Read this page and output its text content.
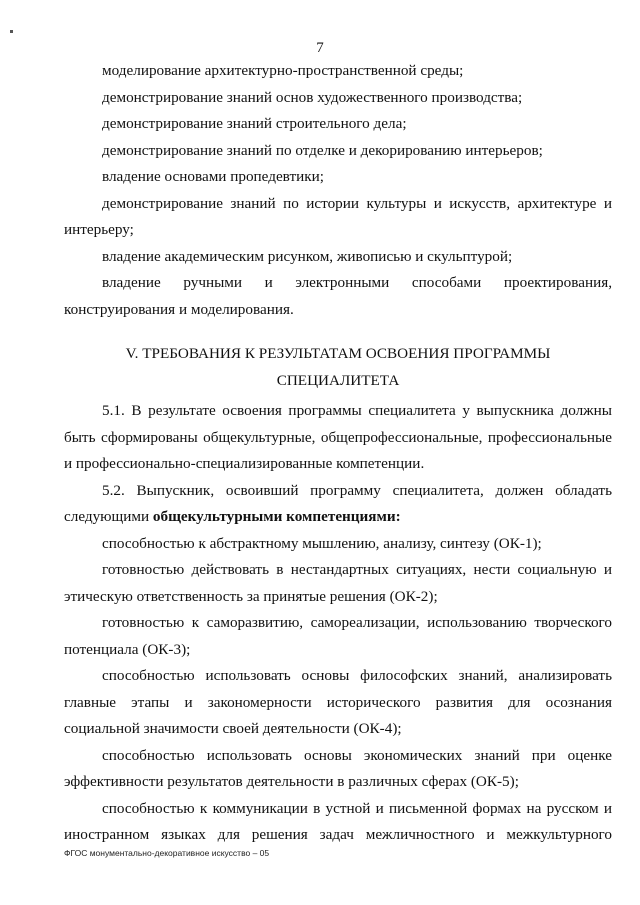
7

моделирование архитектурно-пространственной среды;

демонстрирование знаний основ художественного производства;

демонстрирование знаний строительного дела;

демонстрирование знаний по отделке и декорированию интерьеров;

владение основами пропедевтики;

демонстрирование знаний по истории культуры и искусств, архитектуре и интерьеру;

владение академическим рисунком, живописью и скульптурой;

владение ручными и электронными способами проектирования, конструирования и моделирования.

V. ТРЕБОВАНИЯ К РЕЗУЛЬТАТАМ ОСВОЕНИЯ ПРОГРАММЫ
СПЕЦИАЛИТЕТА

5.1. В результате освоения программы специалитета у выпускника должны быть сформированы общекультурные, общепрофессиональные, профессиональные и профессионально-специализированные компетенции.

5.2. Выпускник, освоивший программу специалитета, должен обладать следующими общекультурными компетенциями:

способностью к абстрактному мышлению, анализу, синтезу (ОК-1);

готовностью действовать в нестандартных ситуациях, нести социальную и этическую ответственность за принятые решения (ОК-2);

готовностью к саморазвитию, самореализации, использованию творческого потенциала (ОК-3);

способностью использовать основы философских знаний, анализировать главные этапы и закономерности исторического развития для осознания социальной значимости своей деятельности (ОК-4);

способностью использовать основы экономических знаний при оценке эффективности результатов деятельности в различных сферах (ОК-5);

способностью к коммуникации в устной и письменной формах на русском и иностранном языках для решения задач межличностного и межкультурного

ФГОС монументально-декоративное искусство – 05
